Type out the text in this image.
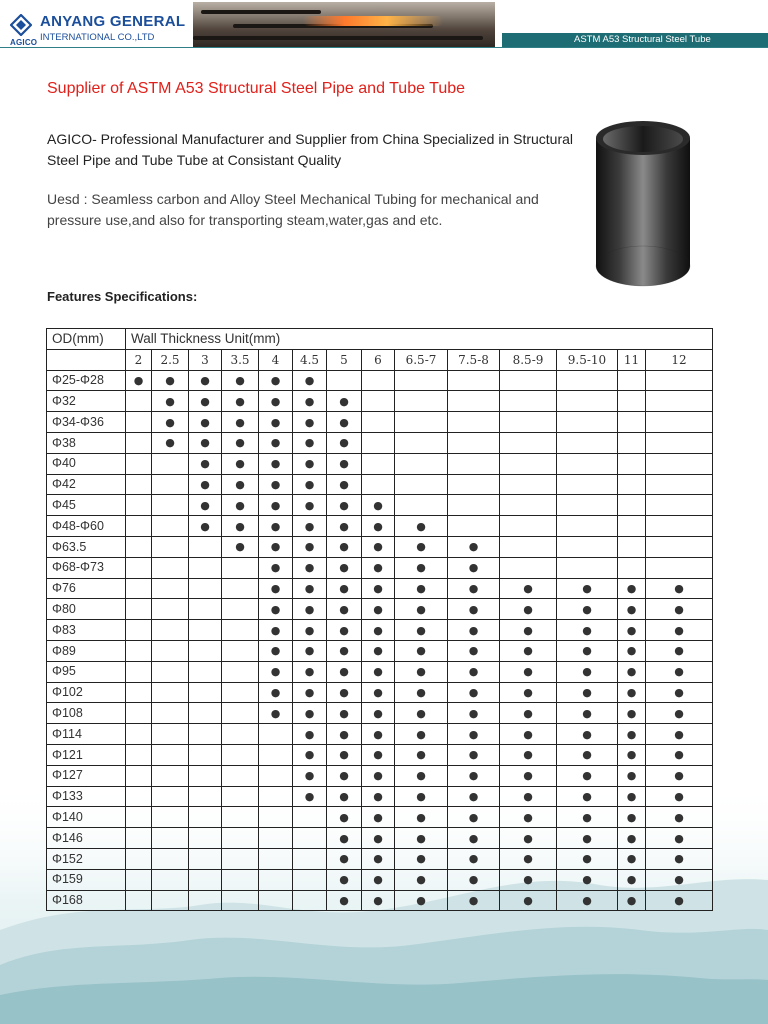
ANYANG GENERAL
AGICO INTERNATIONAL CO.,LTD	ASTM A53 Structural Steel Tube
Supplier of ASTM A53 Structural Steel Pipe and Tube Tube

AGICO- Professional Manufacturer and Supplier from China Specialized in Structural Steel Pipe and Tube Tube at Consistant Quality

Uesd : Seamless carbon and Alloy Steel Mechanical Tubing for mechanical and pressure use,and also for transporting steam,water,gas and etc.

Features Specifications:
OD(mm)	Wall Thickness Unit(mm)													
	2	2.5	3	3.5	4	4.5	5	6	6.5-7	7.5-8	8.5-9	9.5-10	11	12
Φ25-Φ28	●	●	●	●	●	●								
Φ32		●	●	●	●	●	●							
Φ34-Φ36		●	●	●	●	●	●							
Φ38		●	●	●	●	●	●							
Φ40			●	●	●	●	●							
Φ42			●	●	●	●	●							
Φ45			●	●	●	●	●	●						
Φ48-Φ60			●	●	●	●	●	●	●					
Φ63.5				●	●	●	●	●	●	●				
Φ68-Φ73					●	●	●	●	●	●				
Φ76					●	●	●	●	●	●	●	●	●	●
Φ80					●	●	●	●	●	●	●	●	●	●
Φ83					●	●	●	●	●	●	●	●	●	●
Φ89					●	●	●	●	●	●	●	●	●	●
Φ95					●	●	●	●	●	●	●	●	●	●
Φ102					●	●	●	●	●	●	●	●	●	●
Φ108					●	●	●	●	●	●	●	●	●	●
Φ114						●	●	●	●	●	●	●	●	●
Φ121						●	●	●	●	●	●	●	●	●
Φ127						●	●	●	●	●	●	●	●	●
Φ133						●	●	●	●	●	●	●	●	●
Φ140							●	●	●	●	●	●	●	●
Φ146							●	●	●	●	●	●	●	●
Φ152							●	●	●	●	●	●	●	●
Φ159							●	●	●	●	●	●	●	●
Φ168							●	●	●	●	●	●	●	●
